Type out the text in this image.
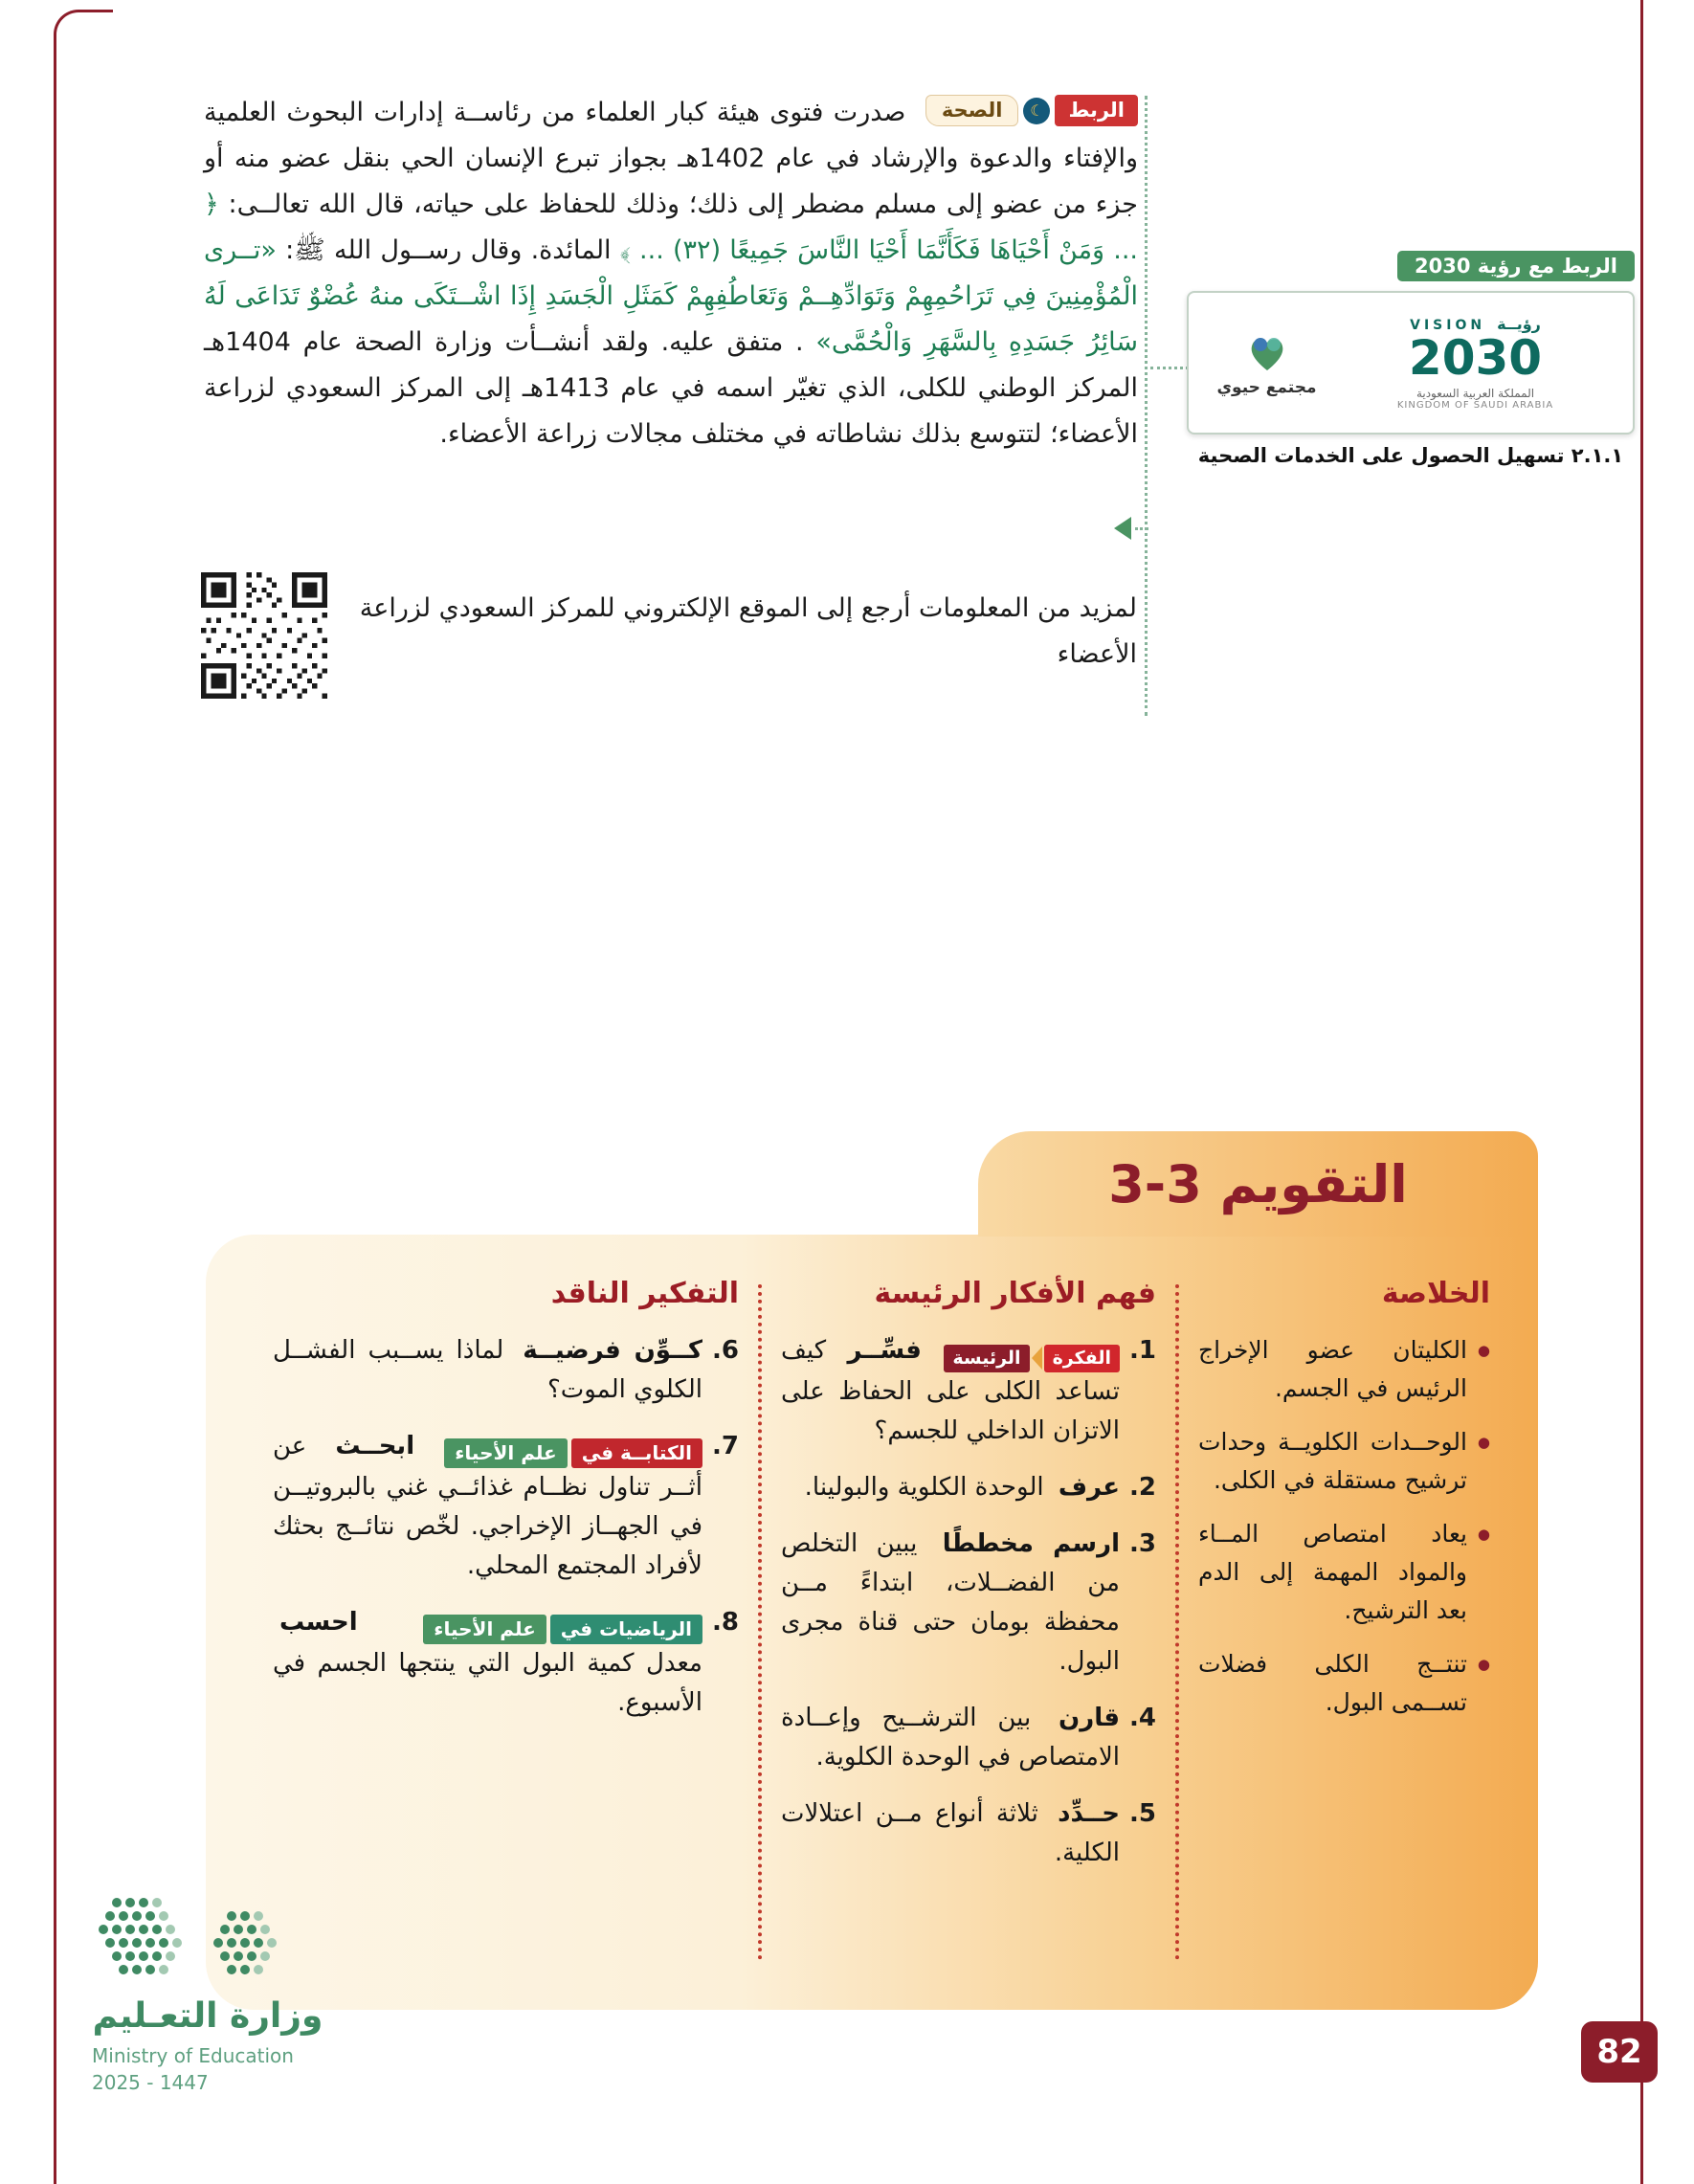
الربط
☾
الصحة
صدرت فتوى هيئة كبار العلماء من رئاســة إدارات البحوث العلمية والإفتاء والدعوة والإرشاد في عام 1402هـ بجواز تبرع الإنسان الحي بنقل عضو منه أو جزء من عضو إلى مسلم مضطر إلى ذلك؛ وذلك للحفاظ على حياته، قال الله تعالــى: ﴿ ... وَمَنْ أَحْيَاهَا فَكَأَنَّمَا أَحْيَا النَّاسَ جَمِيعًا (٣٢) ... ﴾ المائدة. وقال رســول الله ﷺ: «تــرى الْمُؤْمِنِينَ فِي تَرَاحُمِهِمْ وَتَوَادِّهِــمْ وَتَعَاطُفِهِمْ كَمَثَلِ الْجَسَدِ إِذَا اشْــتَكَى منهُ عُضْوٌ تَدَاعَى لَهُ سَائِرُ جَسَدِهِ بِالسَّهَرِ وَالْحُمَّى» . متفق عليه. ولقد أنشــأت وزارة الصحة عام 1404هـ المركز الوطني للكلى، الذي تغيّر اسمه في عام 1413هـ إلى المركز السعودي لزراعة الأعضاء؛ لتتوسع بذلك نشاطاته في مختلف مجالات زراعة الأعضاء.
لمزيد من المعلومات أرجع إلى الموقع الإلكتروني للمركز السعودي لزراعة الأعضاء
الربط مع رؤية 2030
مجتمع حيوي
VISION رؤيــة
2030
المملكة العربية السعودية
KINGDOM OF SAUDI ARABIA
٢.١.١ تسهيل الحصول على الخدمات الصحية
الخلاصة
●
الكليتان عضو الإخراج الرئيس في الجسم.
●
الوحــدات الكلويــة وحدات ترشيح مستقلة في الكلى.
●
يعاد امتصاص المــاء والمواد المهمة إلى الدم بعد الترشيح.
●
تنتــج الكلى فضلات تســمى البول.
فهم الأفكار الرئيسة
1.
الفكرة
الرئيسة
فسِّــر كيف تساعد الكلى على الحفاظ على الاتزان الداخلي للجسم؟
2.
عرف الوحدة الكلوية والبولينا.
3.
ارسم مخططًا يبين التخلص من الفضــلات، ابتداءً مــن محفظة بومان حتى قناة مجرى البول.
4.
قارن بين الترشــيح وإعــادة الامتصاص في الوحدة الكلوية.
5.
حــدِّد ثلاثة أنواع مــن اعتلالات الكلية.
التفكير الناقد
6.
كــوِّن فرضيــة لماذا يســبب الفشــل الكلوي الموت؟
7.
الكتابــة في
علم الأحياء
ابحــث عن أثــر تناول نظــام غذائــي غني بالبروتيــن في الجهــاز الإخراجي. لخّص نتائــج بحثك لأفراد المجتمع المحلي.
8.
الرياضيات في
علم الأحياء
احسب معدل كمية البول التي ينتجها الجسم في الأسبوع.
التقويم 3-3
وزارة التعـليم
Ministry of Education
2025 - 1447
82
